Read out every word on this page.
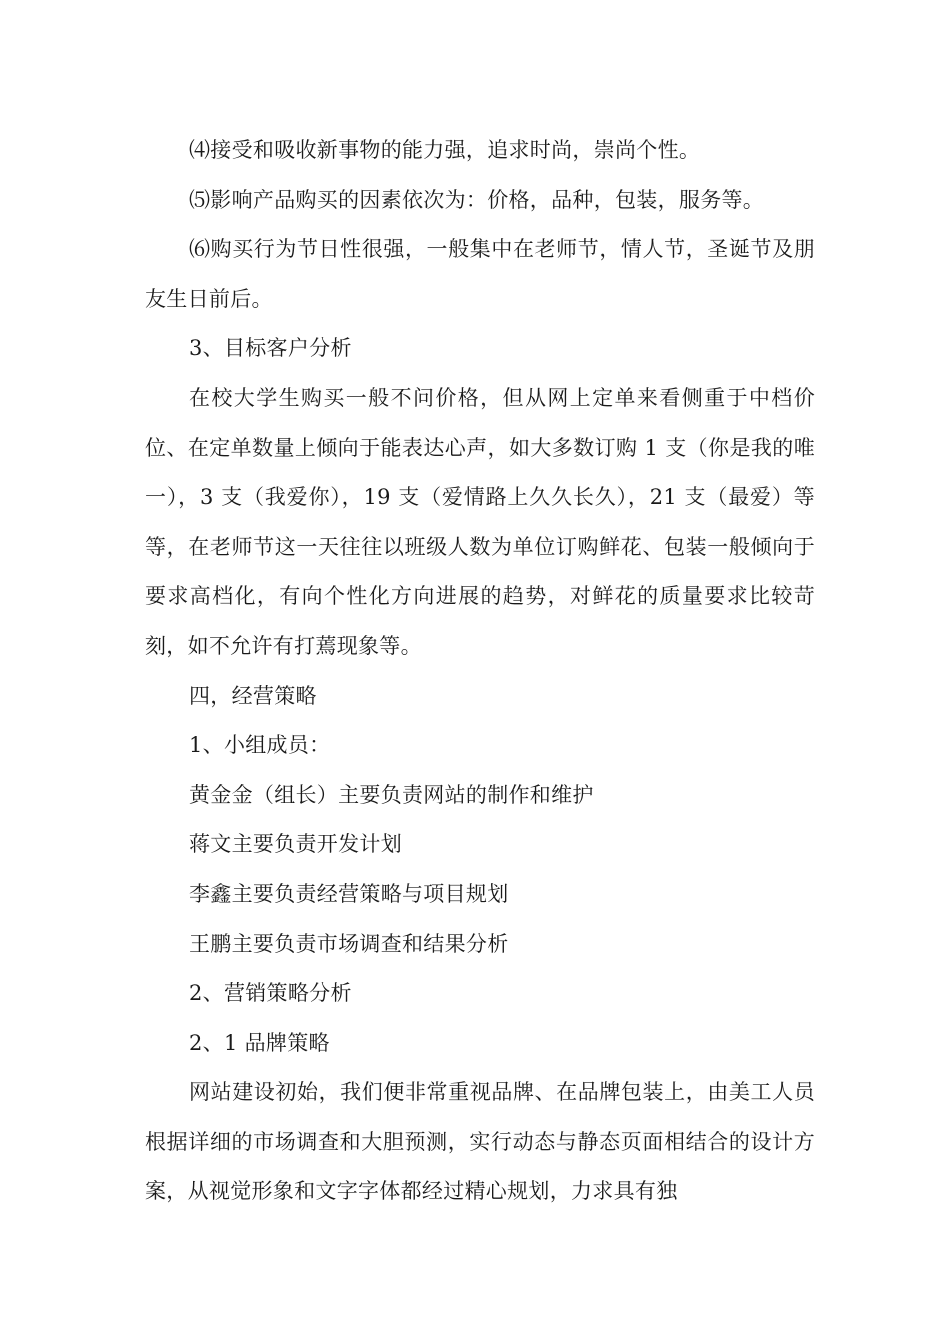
⑷接受和吸收新事物的能力强，追求时尚，崇尚个性。

⑸影响产品购买的因素依次为：价格，品种，包装，服务等。

⑹购买行为节日性很强，一般集中在老师节，情人节，圣诞节及朋友生日前后。

3、目标客户分析

在校大学生购买一般不问价格，但从网上定单来看侧重于中档价位、在定单数量上倾向于能表达心声，如大多数订购 1 支（你是我的唯一），3 支（我爱你），19 支（爱情路上久久长久），21 支（最爱）等等，在老师节这一天往往以班级人数为单位订购鲜花、包装一般倾向于要求高档化，有向个性化方向进展的趋势，对鲜花的质量要求比较苛刻，如不允许有打蔫现象等。

四，经营策略

1、小组成员：

黄金金（组长）主要负责网站的制作和维护

蒋文主要负责开发计划

李鑫主要负责经营策略与项目规划

王鹏主要负责市场调查和结果分析

2、营销策略分析

2、1 品牌策略

网站建设初始，我们便非常重视品牌、在品牌包装上，由美工人员根据详细的市场调查和大胆预测，实行动态与静态页面相结合的设计方案，从视觉形象和文字字体都经过精心规划，力求具有独
